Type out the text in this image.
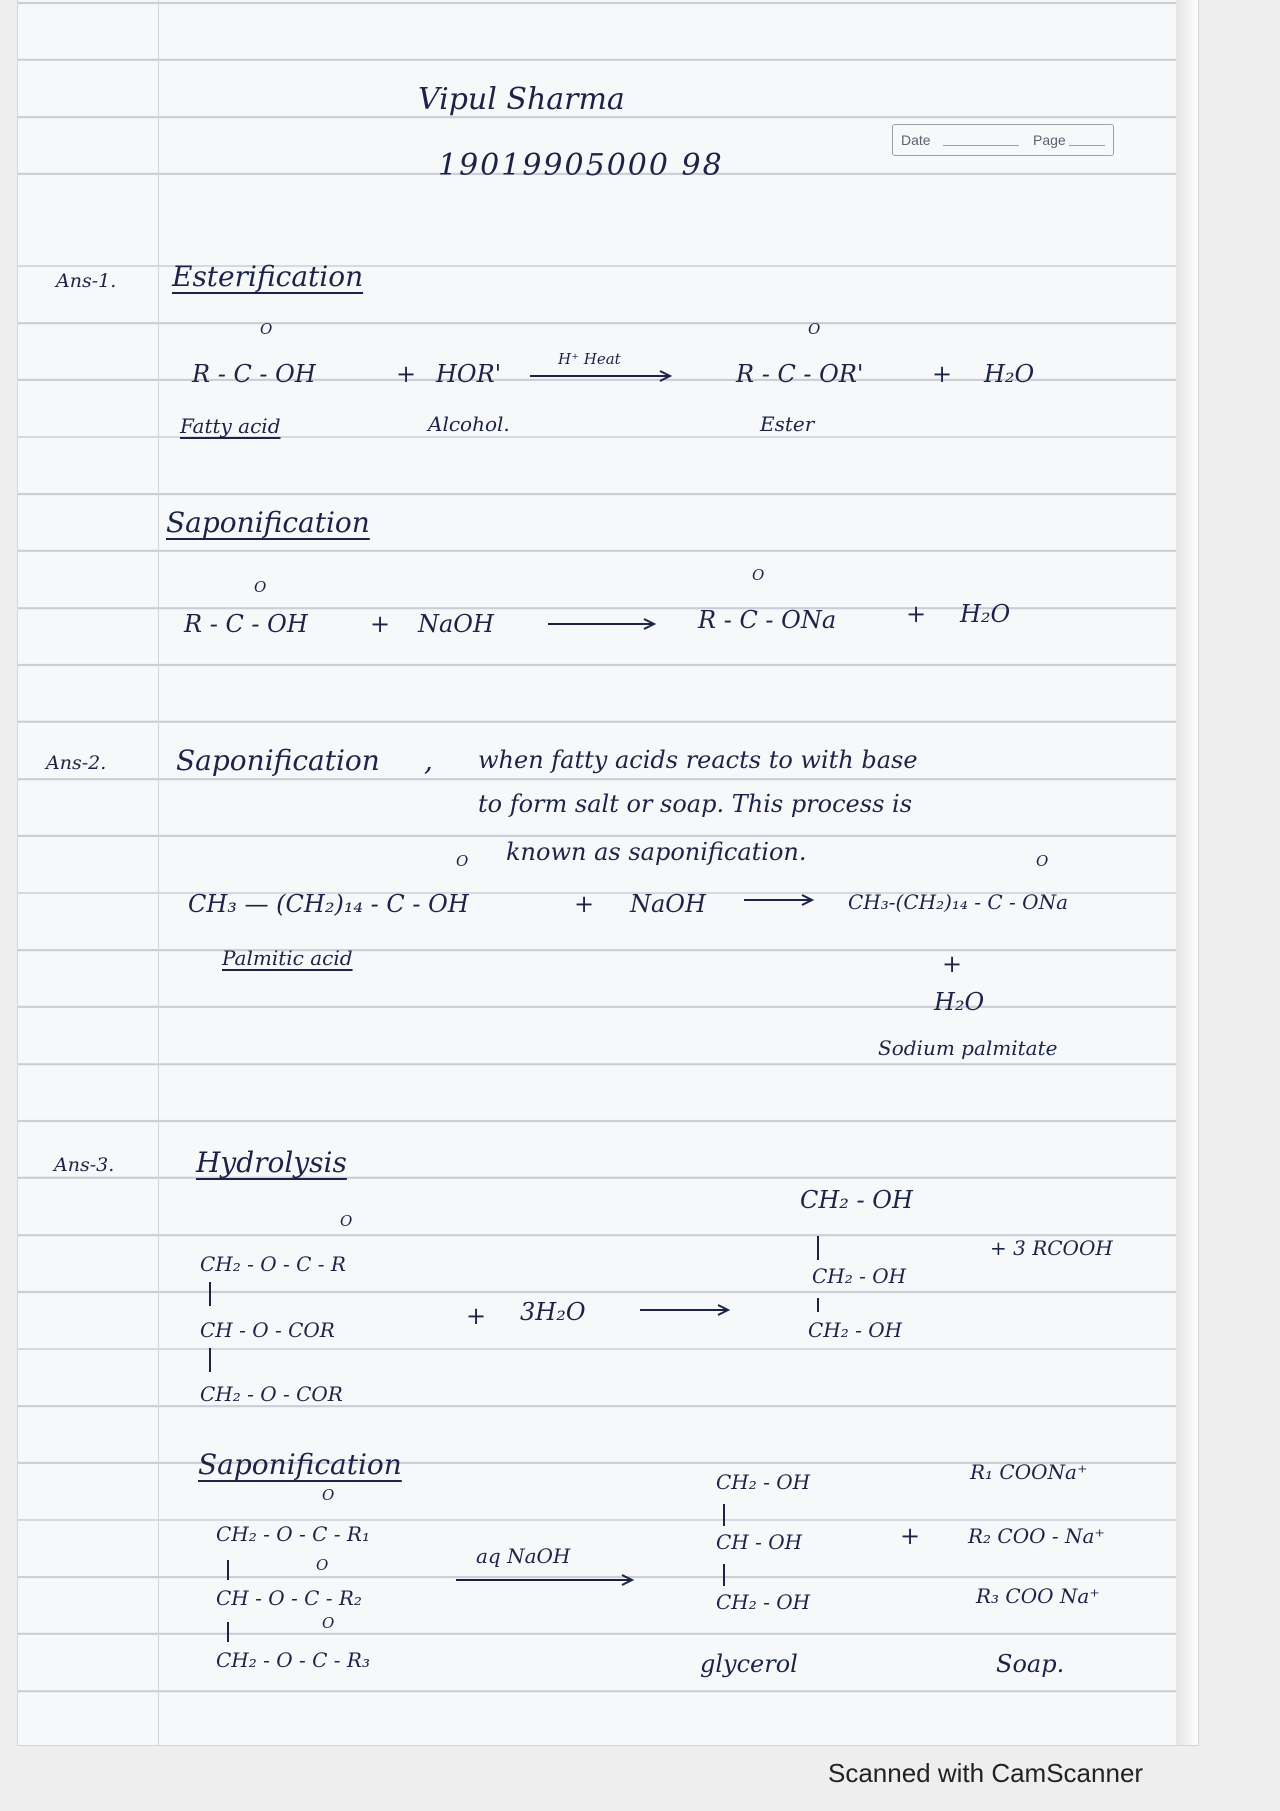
Vipul Sharma
19019905000 98
Date	Page
Ans-1. Esterification
O
R - C - OH	+ HOR'
H⁺ Heat
O
R - C - OR'	+ H₂O
Fatty acid	Alcohol.	Ester
Saponification
O
R - C - OH	+ NaOH
O
R - C - ONa	+ H₂O
Ans-2. Saponification , when fatty acids reacts to with base
to form salt or soap. This process is
known as saponification.
O
CH₃ — (CH₂)₁₄ - C - OH	+ NaOH
O
CH₃-(CH₂)₁₄ - C - ONa
Palmitic acid	+
H₂O
Sodium palmitate
Ans-3.	Hydrolysis
O
CH₂ - O - C - R
CH - O - COR
CH₂ - O - COR
+ 3H₂O
CH₂ - OH
CH₂ - OH
CH₂ - OH
+ 3 RCOOH
Saponification
O
CH₂ - O - C - R₁
O
CH - O - C - R₂
O
CH₂ - O - C - R₃
aq NaOH
CH₂ - OH
CH - OH
CH₂ - OH
glycerol
+
R₁ COONa⁺
R₂ COO - Na⁺
R₃ COO Na⁺
Soap.
Scanned with CamScanner
